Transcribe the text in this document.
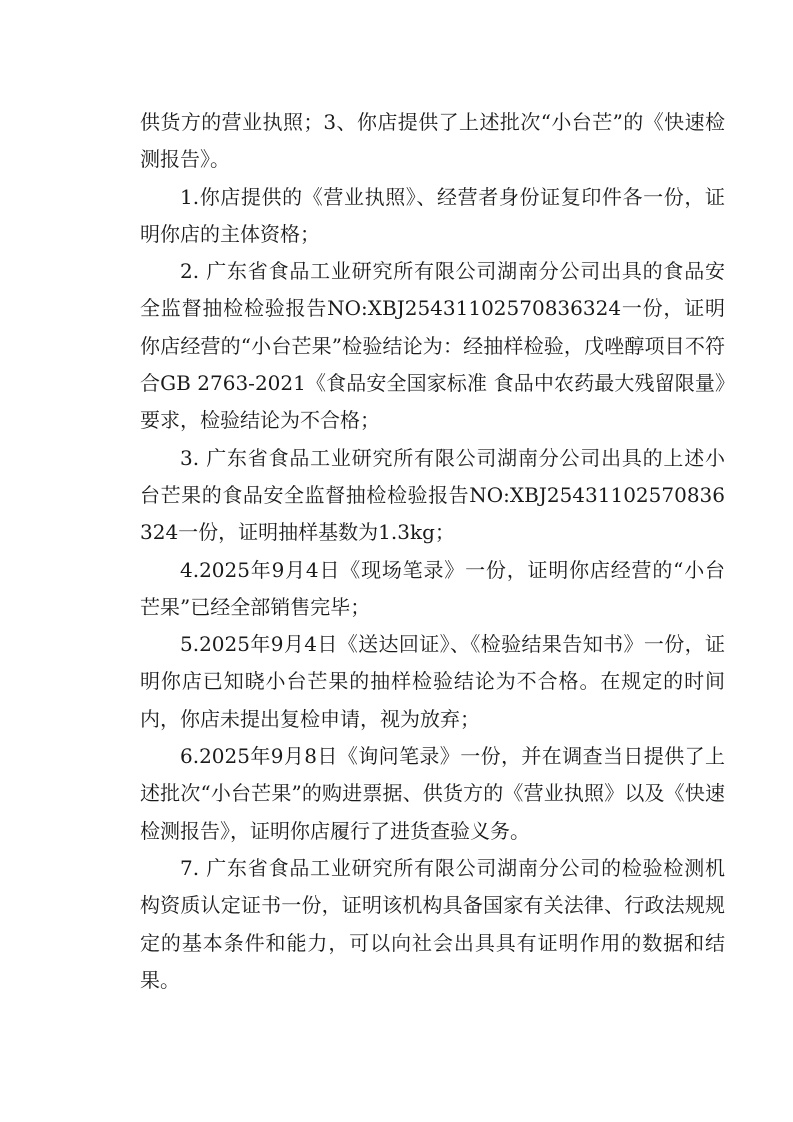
供货方的营业执照；3、你店提供了上述批次“小台芒”的《快速检测报告》。

1.你店提供的《营业执照》、经营者身份证复印件各一份，证明你店的主体资格；

2. 广东省食品工业研究所有限公司湖南分公司出具的食品安全监督抽检检验报告NO:XBJ25431102570836324一份，证明你店经营的“小台芒果”检验结论为：经抽样检验，戊唑醇项目不符合GB 2763-2021《食品安全国家标准 食品中农药最大残留限量》要求，检验结论为不合格；

3. 广东省食品工业研究所有限公司湖南分公司出具的上述小台芒果的食品安全监督抽检检验报告NO:XBJ25431102570836324一份，证明抽样基数为1.3kg；

4.2025年9月4日《现场笔录》一份，证明你店经营的“小台芒果”已经全部销售完毕；

5.2025年9月4日《送达回证》、《检验结果告知书》一份，证明你店已知晓小台芒果的抽样检验结论为不合格。在规定的时间内，你店未提出复检申请，视为放弃；

6.2025年9月8日《询问笔录》一份，并在调查当日提供了上述批次“小台芒果”的购进票据、供货方的《营业执照》以及《快速检测报告》，证明你店履行了进货查验义务。

7. 广东省食品工业研究所有限公司湖南分公司的检验检测机构资质认定证书一份，证明该机构具备国家有关法律、行政法规规定的基本条件和能力，可以向社会出具具有证明作用的数据和结果。
